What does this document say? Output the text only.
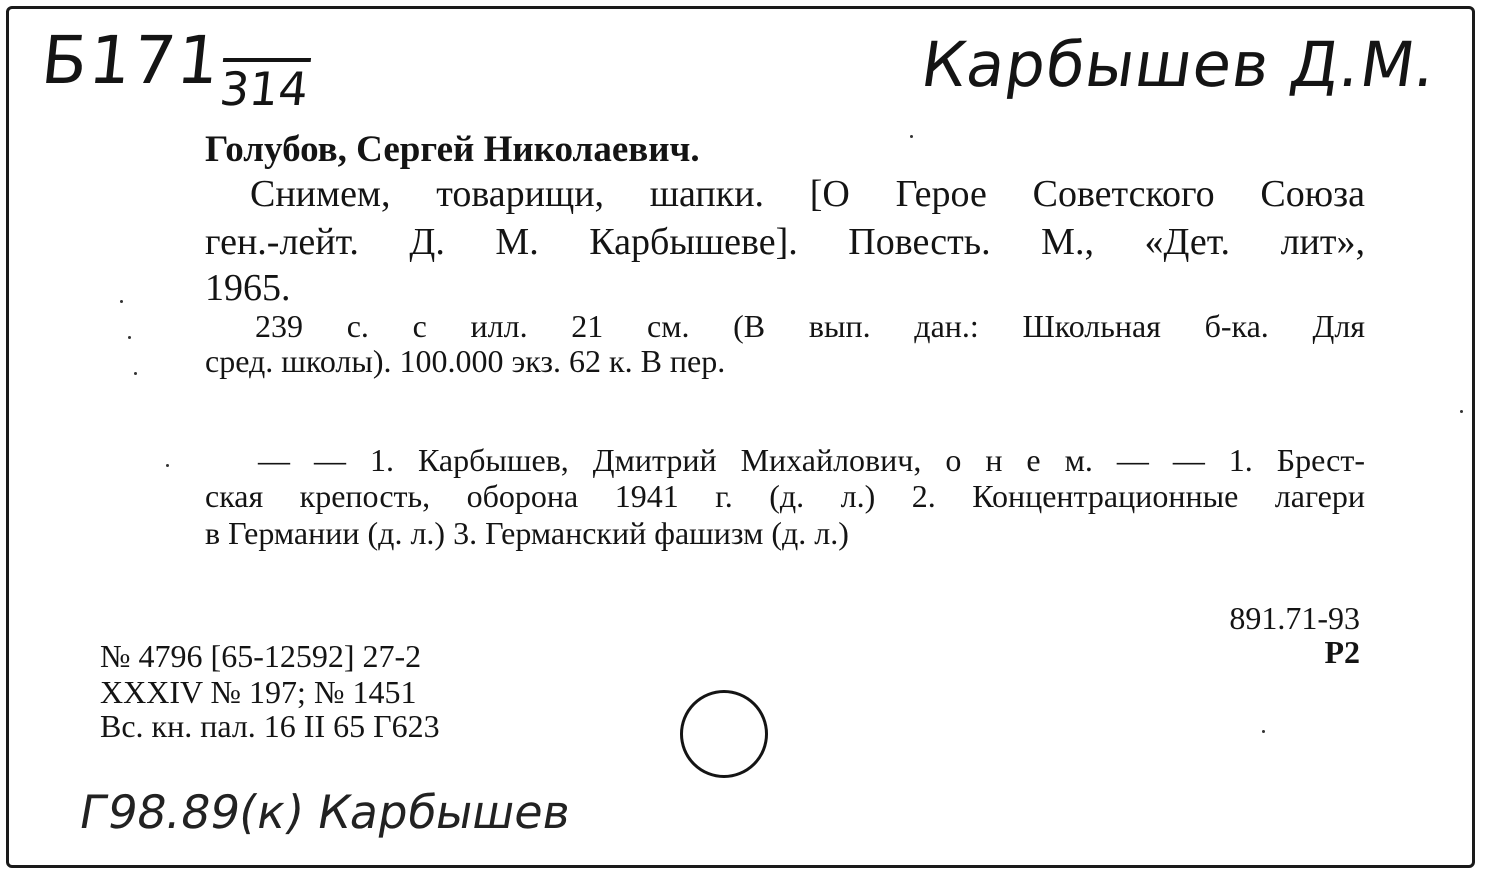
Б171
314	Карбышев Д.М.
Г98.89(к) Карбышев
Голубов, Сергей Николаевич.
Снимем, товарищи, шапки. [О Герое Советского Союза
ген.-лейт. Д. М. Карбышеве]. Повесть. М., «Дет. лит»,
1965.
239 с. с илл. 21 см. (В вып. дан.: Школьная б-ка. Для
сред. школы). 100.000 экз. 62 к. В пер.
— — 1. Карбышев, Дмитрий Михайлович, о н е м. — — 1. Брест-
ская крепость, оборона 1941 г. (д. л.) 2. Концентрационные лагери
в Германии (д. л.) 3. Германский фашизм (д. л.)
891.71-93
Р2
№ 4796 [65-12592] 27-2
XXXIV № 197; № 1451
Вс. кн. пал. 16 II 65 Г623
